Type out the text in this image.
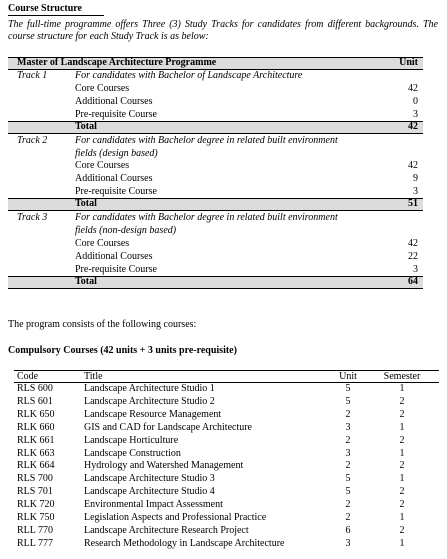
Course Structure
The full-time programme offers Three (3) Study Tracks for candidates from different backgrounds. The course structure for each Study Track is as below:
Master of Landscape Architecture Programme	Unit
Track 1	For candidates with Bachelor of Landscape Architecture
Core Courses	42
Additional Courses	0
Pre-requisite Course	3
Total	42
Track 2	For candidates with Bachelor degree in related built environment
fields (design based)
Core Courses	42
Additional Courses	9
Pre-requisite Course	3
Total	51
Track 3	For candidates with Bachelor degree in related built environment
fields (non-design based)
Core Courses	42
Additional Courses	22
Pre-requisite Course	3
Total	64
The program consists of the following courses:
Compulsory Courses (42 units + 3 units pre-requisite)
Code	Title	Unit	Semester
RLS 600	Landscape Architecture Studio 1	5	1
RLS 601	Landscape Architecture Studio 2	5	2
RLK 650	Landscape Resource Management	2	2
RLK 660	GIS and CAD for Landscape Architecture	3	1
RLK 661	Landscape Horticulture	2	2
RLK 663	Landscape Construction	3	1
RLK 664	Hydrology and Watershed Management	2	2
RLS 700	Landscape Architecture Studio 3	5	1
RLS 701	Landscape Architecture Studio 4	5	2
RLK 720	Environmental Impact Assessment	2	2
RLK 750	Legislation Aspects and Professional Practice	2	1
RLL 770	Landscape Architecture Research Project	6	2
RLL 777	Research Methodology in Landscape Architecture	3	1
